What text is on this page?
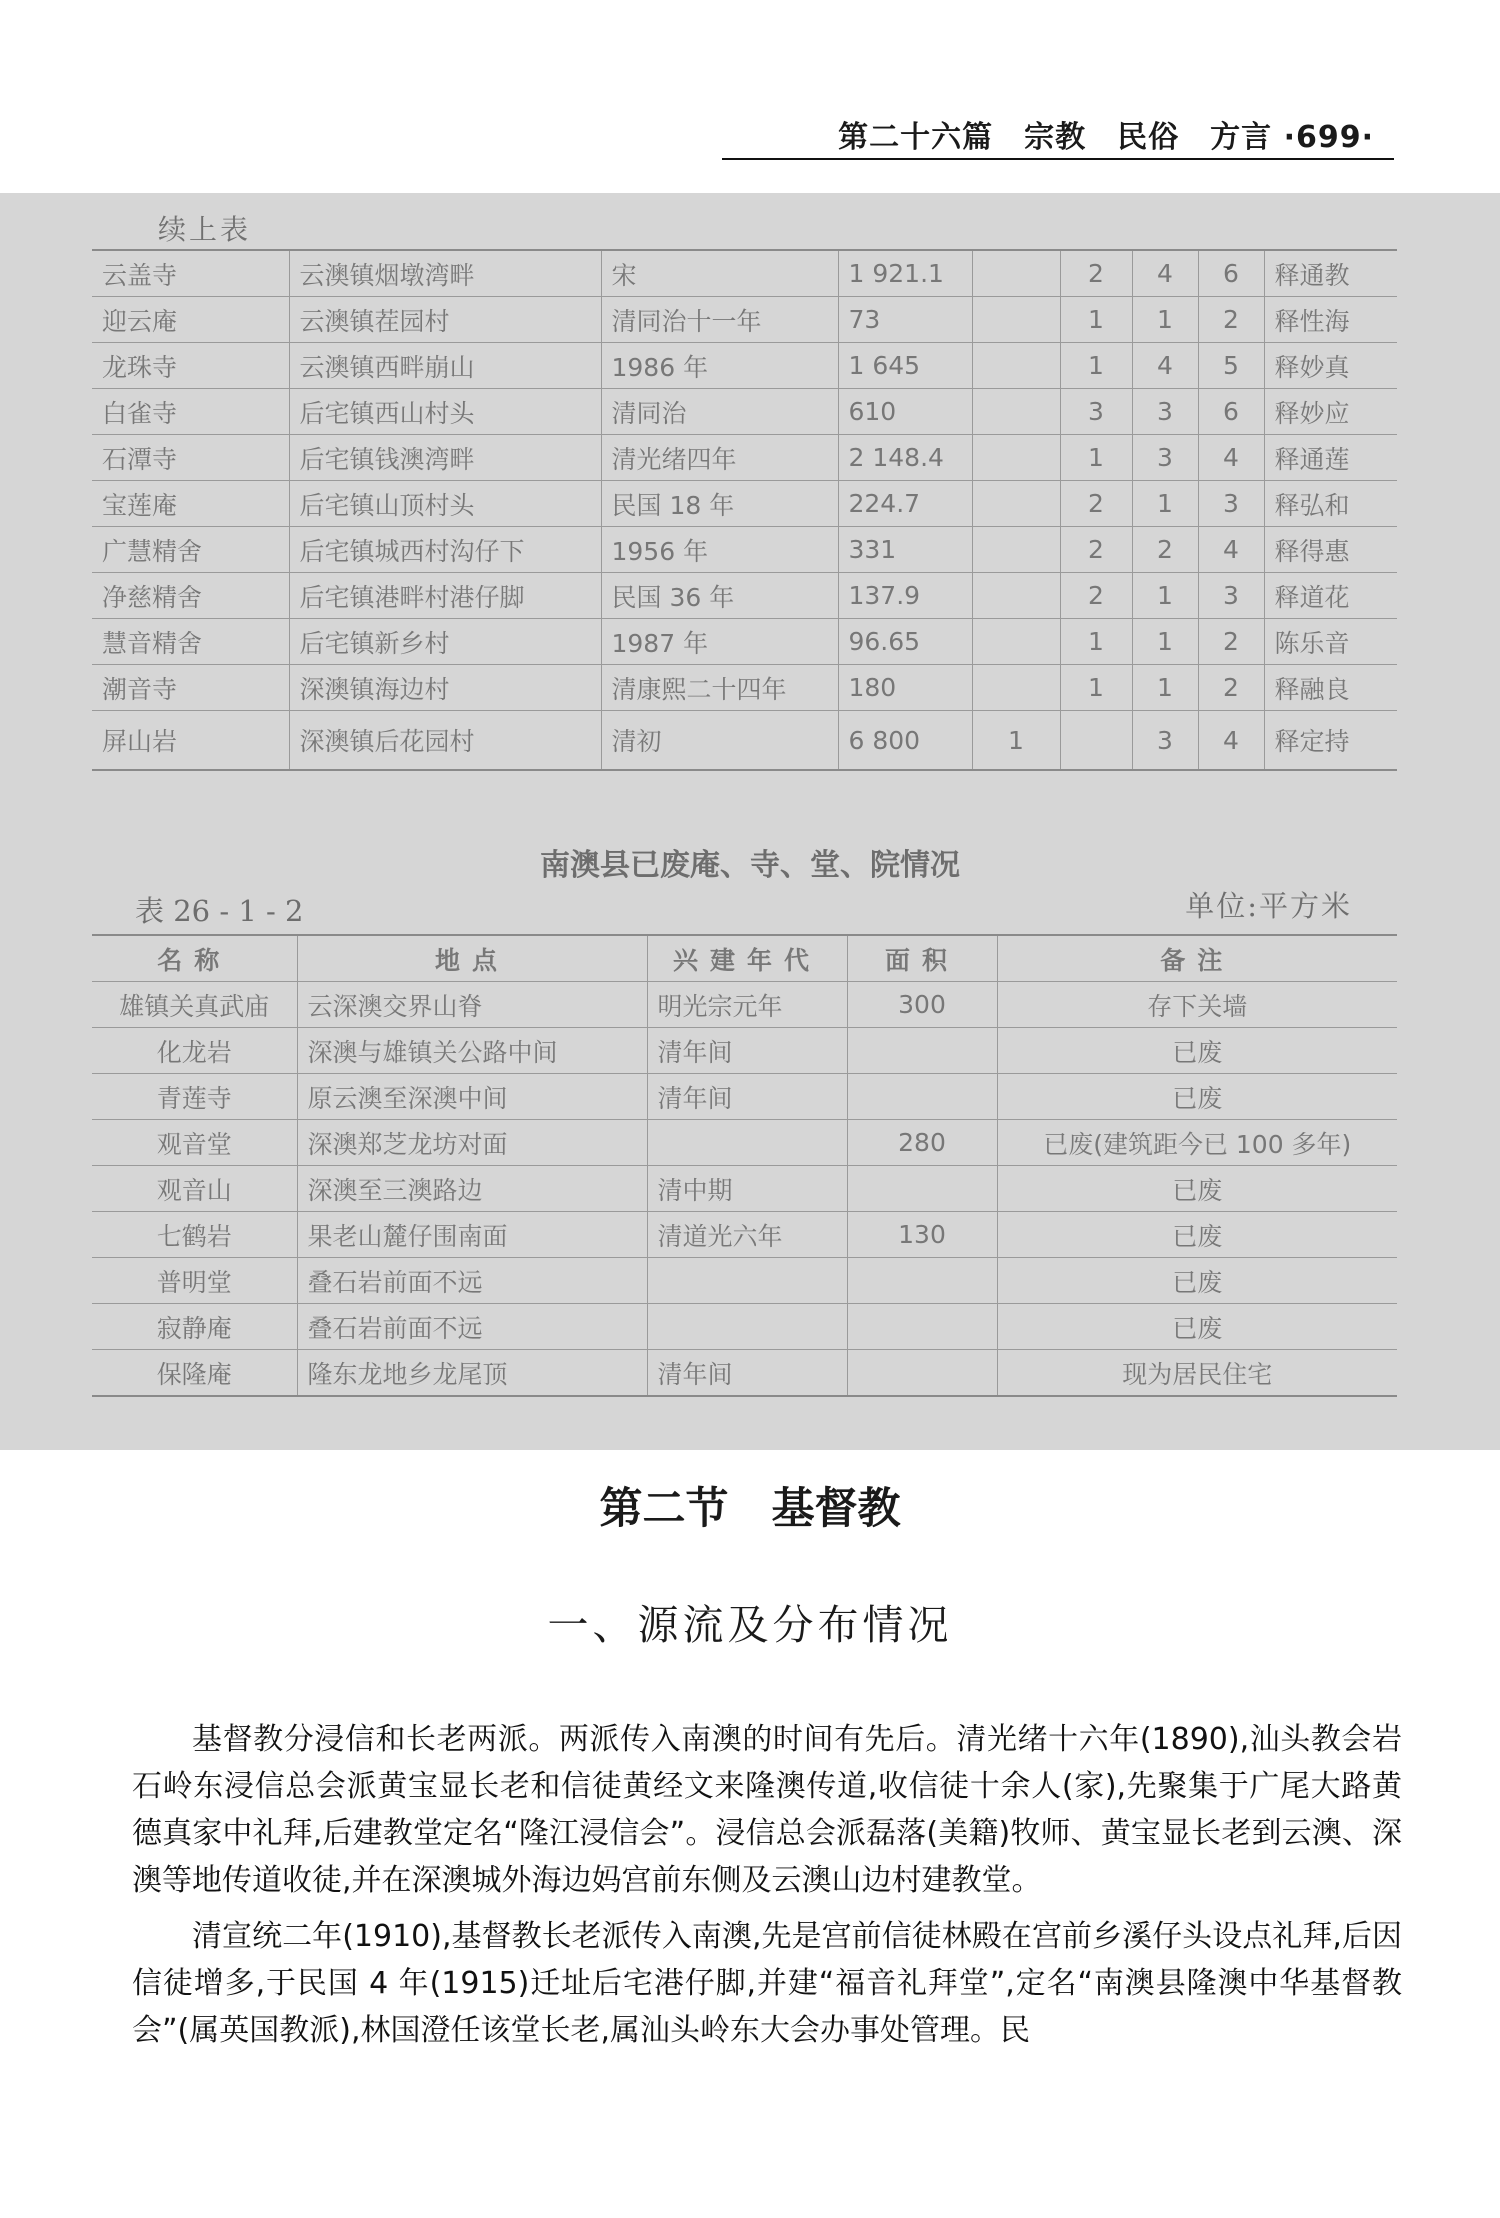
第二十六篇　宗教　民俗　方言 ·699·
续上表
云盖寺	云澳镇烟墩湾畔	宋	1 921.1		2	4	6	释通教
迎云庵	云澳镇茬园村	清同治十一年	73		1	1	2	释性海
龙珠寺	云澳镇西畔崩山	1986 年	1 645		1	4	5	释妙真
白雀寺	后宅镇西山村头	清同治	610		3	3	6	释妙应
石潭寺	后宅镇钱澳湾畔	清光绪四年	2 148.4		1	3	4	释通莲
宝莲庵	后宅镇山顶村头	民国 18 年	224.7		2	1	3	释弘和
广慧精舍	后宅镇城西村沟仔下	1956 年	331		2	2	4	释得惠
净慈精舍	后宅镇港畔村港仔脚	民国 36 年	137.9		2	1	3	释道花
慧音精舍	后宅镇新乡村	1987 年	96.65		1	1	2	陈乐音
潮音寺	深澳镇海边村	清康熙二十四年	180		1	1	2	释融良
屏山岩	深澳镇后花园村	清初	6 800	1		3	4	释定持
南澳县已废庵、寺、堂、院情况
表 26 - 1 - 2	单位:平方米
名称	地点	兴建年代	面积	备注
雄镇关真武庙	云深澳交界山脊	明光宗元年	300	存下关墙
化龙岩	深澳与雄镇关公路中间	清年间		已废
青莲寺	原云澳至深澳中间	清年间		已废
观音堂	深澳郑芝龙坊对面		280	已废(建筑距今已 100 多年)
观音山	深澳至三澳路边	清中期		已废
七鹤岩	果老山麓仔围南面	清道光六年	130	已废
普明堂	叠石岩前面不远			已废
寂静庵	叠石岩前面不远			已废
保隆庵	隆东龙地乡龙尾顶	清年间		现为居民住宅
第二节　基督教
一、源流及分布情况

基督教分浸信和长老两派。两派传入南澳的时间有先后。清光绪十六年(1890),汕头教会岩石岭东浸信总会派黄宝显长老和信徒黄经文来隆澳传道,收信徒十余人(家),先聚集于广尾大路黄德真家中礼拜,后建教堂定名“隆江浸信会”。浸信总会派磊落(美籍)牧师、黄宝显长老到云澳、深澳等地传道收徒,并在深澳城外海边妈宫前东侧及云澳山边村建教堂。

清宣统二年(1910),基督教长老派传入南澳,先是宫前信徒林殿在宫前乡溪仔头设点礼拜,后因信徒增多,于民国 4 年(1915)迁址后宅港仔脚,并建“福音礼拜堂”,定名“南澳县隆澳中华基督教会”(属英国教派),林国澄任该堂长老,属汕头岭东大会办事处管理。民
